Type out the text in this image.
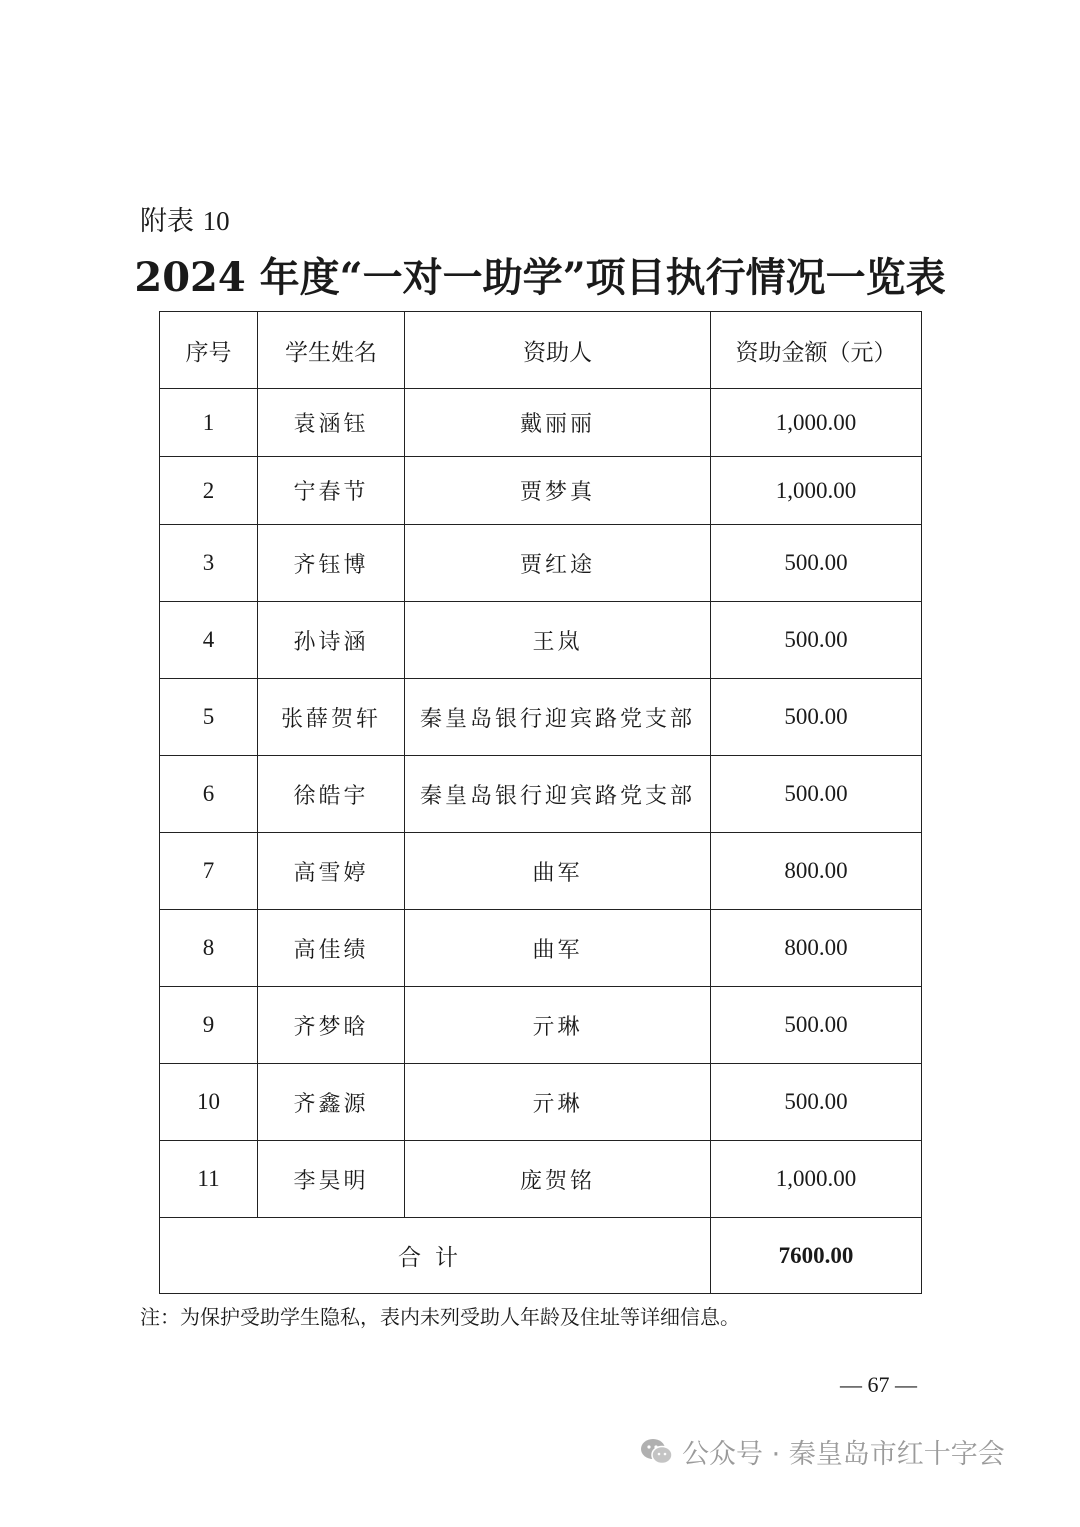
附表 10
2024 年度“一对一助学”项目执行情况一览表
序号	学生姓名	资助人	资助金额（元）
1	袁涵钰	戴丽丽	1,000.00
2	宁春节	贾梦真	1,000.00
3	齐钰博	贾红途	500.00
4	孙诗涵	王岚	500.00
5	张薛贺轩	秦皇岛银行迎宾路党支部	500.00
6	徐皓宇	秦皇岛银行迎宾路党支部	500.00
7	高雪婷	曲军	800.00
8	高佳绩	曲军	800.00
9	齐梦晗	亓琳	500.00
10	齐鑫源	亓琳	500.00
11	李昊明	庞贺铭	1,000.00
合计			7600.00
注：为保护受助学生隐私，表内未列受助人年龄及住址等详细信息。
— 67 —
公众号 · 秦皇岛市红十字会
